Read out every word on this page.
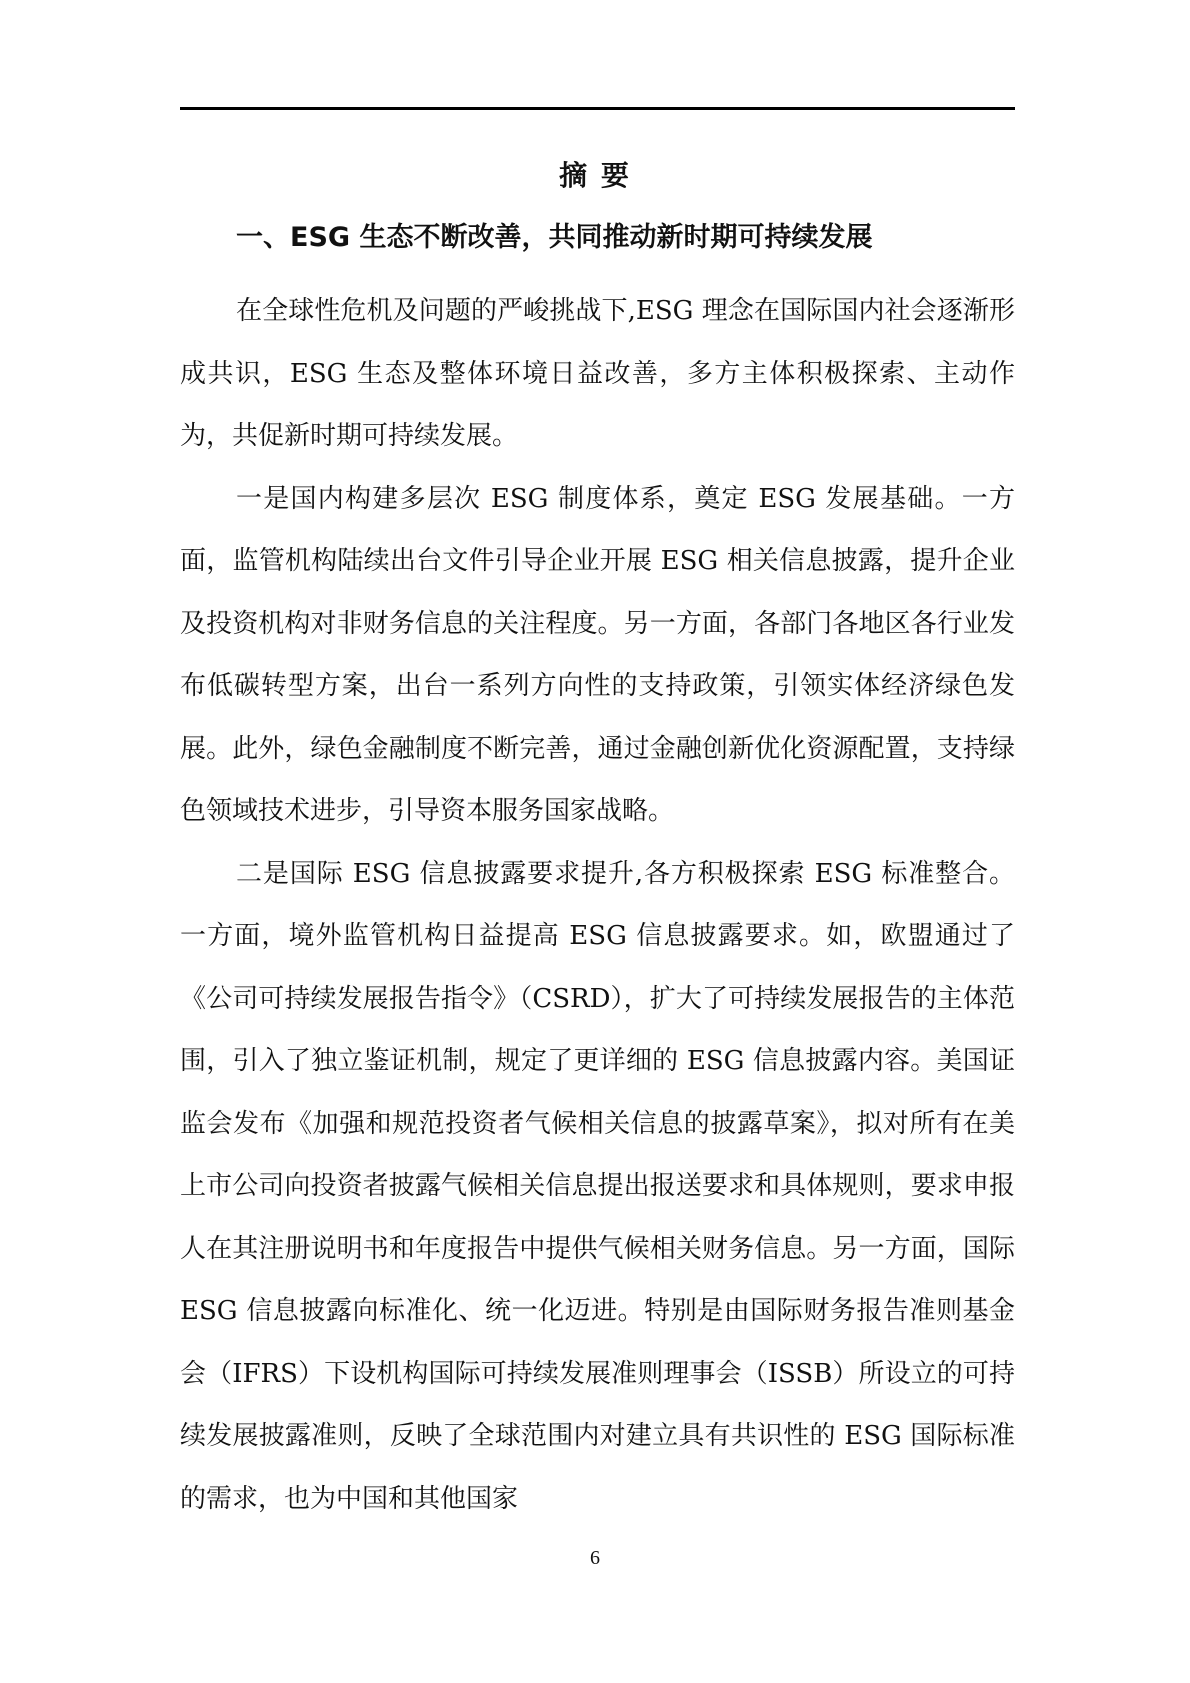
摘 要
一、ESG 生态不断改善，共同推动新时期可持续发展

在全球性危机及问题的严峻挑战下,ESG 理念在国际国内社会逐渐形成共识，ESG 生态及整体环境日益改善，多方主体积极探索、主动作为，共促新时期可持续发展。

一是国内构建多层次 ESG 制度体系，奠定 ESG 发展基础。一方面，监管机构陆续出台文件引导企业开展 ESG 相关信息披露，提升企业及投资机构对非财务信息的关注程度。另一方面，各部门各地区各行业发布低碳转型方案，出台一系列方向性的支持政策，引领实体经济绿色发展。此外，绿色金融制度不断完善，通过金融创新优化资源配置，支持绿色领域技术进步，引导资本服务国家战略。

二是国际 ESG 信息披露要求提升,各方积极探索 ESG 标准整合。一方面，境外监管机构日益提高 ESG 信息披露要求。如，欧盟通过了《公司可持续发展报告指令》（CSRD），扩大了可持续发展报告的主体范围，引入了独立鉴证机制，规定了更详细的 ESG 信息披露内容。美国证监会发布《加强和规范投资者气候相关信息的披露草案》，拟对所有在美上市公司向投资者披露气候相关信息提出报送要求和具体规则，要求申报人在其注册说明书和年度报告中提供气候相关财务信息。另一方面，国际 ESG 信息披露向标准化、统一化迈进。特别是由国际财务报告准则基金会（IFRS）下设机构国际可持续发展准则理事会（ISSB）所设立的可持续发展披露准则，反映了全球范围内对建立具有共识性的 ESG 国际标准的需求，也为中国和其他国家

6
